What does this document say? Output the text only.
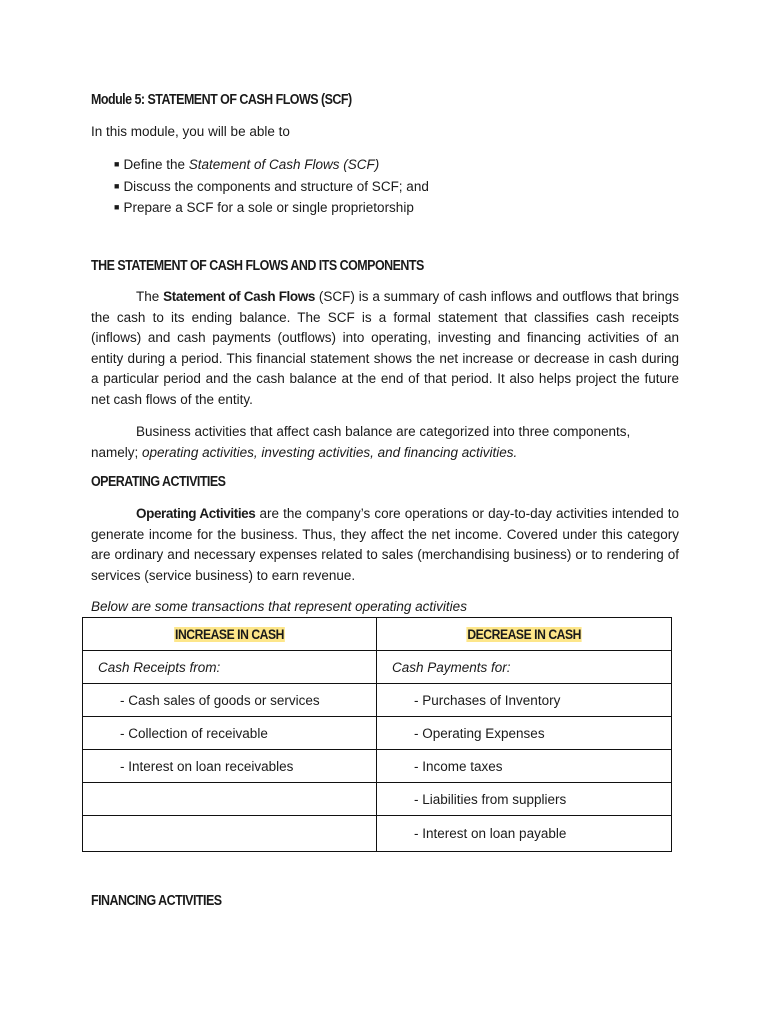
Module 5: STATEMENT OF CASH FLOWS (SCF)
In this module, you will be able to
■ Define the Statement of Cash Flows (SCF)
■ Discuss the components and structure of SCF; and
■ Prepare a SCF for a sole or single proprietorship
THE STATEMENT OF CASH FLOWS AND ITS COMPONENTS

The Statement of Cash Flows (SCF) is a summary of cash inflows and outflows that brings the cash to its ending balance. The SCF is a formal statement that classifies cash receipts (inflows) and cash payments (outflows) into operating, investing and financing activities of an entity during a period. This financial statement shows the net increase or decrease in cash during a particular period and the cash balance at the end of that period. It also helps project the future net cash flows of the entity.

Business activities that affect cash balance are categorized into three components,
namely; operating activities, investing activities, and financing activities.
OPERATING ACTIVITIES

Operating Activities are the company’s core operations or day-to-day activities intended to generate income for the business. Thus, they affect the net income. Covered under this category are ordinary and necessary expenses related to sales (merchandising business) or to rendering of services (service business) to earn revenue.

Below are some transactions that represent operating activities
INCREASE IN CASH	DECREASE IN CASH
Cash Receipts from:	Cash Payments for:
- Cash sales of goods or services	- Purchases of Inventory
- Collection of receivable	- Operating Expenses
- Interest on loan receivables	- Income taxes
	- Liabilities from suppliers
	- Interest on loan payable
FINANCING ACTIVITIES
